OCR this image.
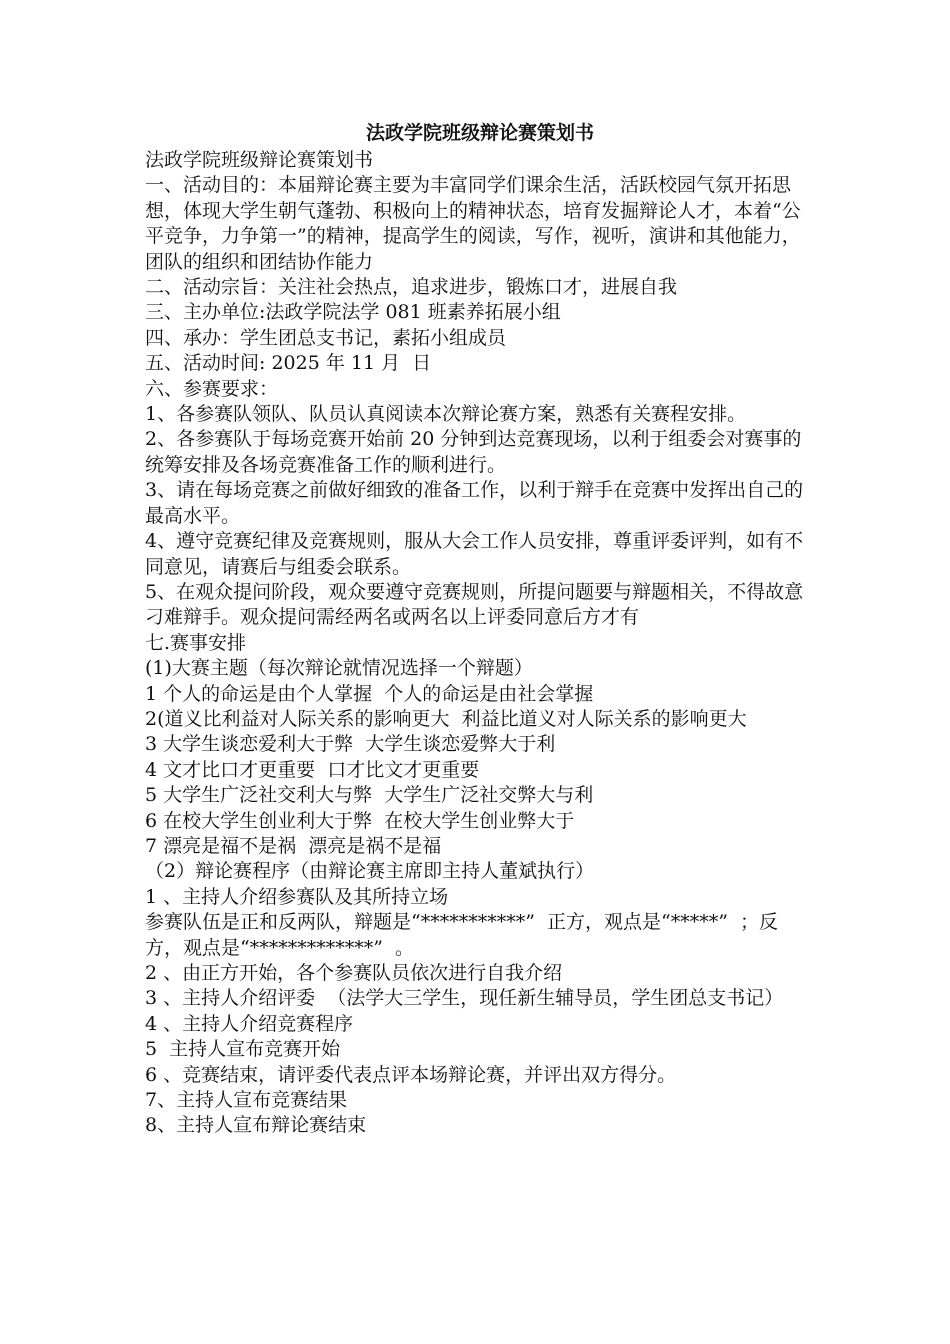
法政学院班级辩论赛策划书
法政学院班级辩论赛策划书
一、活动目的：本届辩论赛主要为丰富同学们课余生活，活跃校园气氛开拓思想，体现大学生朝气蓬勃、积极向上的精神状态，培育发掘辩论人才，本着“公平竞争，力争第一”的精神，提高学生的阅读，写作，视听，演讲和其他能力，团队的组织和团结协作能力
二、活动宗旨：关注社会热点，追求进步，锻炼口才，进展自我
三、主办单位:法政学院法学 081 班素养拓展小组
四、承办：学生团总支书记，素拓小组成员
五、活动时间: 2025 年 11 月  日
六、参赛要求：
1、各参赛队领队、队员认真阅读本次辩论赛方案，熟悉有关赛程安排。
2、各参赛队于每场竞赛开始前 20 分钟到达竞赛现场，以利于组委会对赛事的统筹安排及各场竞赛准备工作的顺利进行。
3、请在每场竞赛之前做好细致的准备工作，以利于辩手在竞赛中发挥出自己的最高水平。
4、遵守竞赛纪律及竞赛规则，服从大会工作人员安排，尊重评委评判，如有不同意见，请赛后与组委会联系。
5、在观众提问阶段，观众要遵守竞赛规则，所提问题要与辩题相关，不得故意刁难辩手。观众提问需经两名或两名以上评委同意后方才有
七.赛事安排
(1)大赛主题（每次辩论就情况选择一个辩题）
1 个人的命运是由个人掌握  个人的命运是由社会掌握
2(道义比利益对人际关系的影响更大  利益比道义对人际关系的影响更大
3 大学生谈恋爱利大于弊  大学生谈恋爱弊大于利
4 文才比口才更重要  口才比文才更重要
5 大学生广泛社交利大与弊  大学生广泛社交弊大与利
6 在校大学生创业利大于弊  在校大学生创业弊大于
7 漂亮是福不是祸  漂亮是祸不是福
（2）辩论赛程序（由辩论赛主席即主持人董斌执行）
1 、主持人介绍参赛队及其所持立场
参赛队伍是正和反两队，辩题是“***********”  正方，观点是“*****”  ；反方，观点是“*************”  。
2 、由正方开始，各个参赛队员依次进行自我介绍
3 、主持人介绍评委  （法学大三学生，现任新生辅导员，学生团总支书记）
4 、主持人介绍竞赛程序
5  主持人宣布竞赛开始
6 、竞赛结束，请评委代表点评本场辩论赛，并评出双方得分。
7、主持人宣布竞赛结果
8、主持人宣布辩论赛结束
